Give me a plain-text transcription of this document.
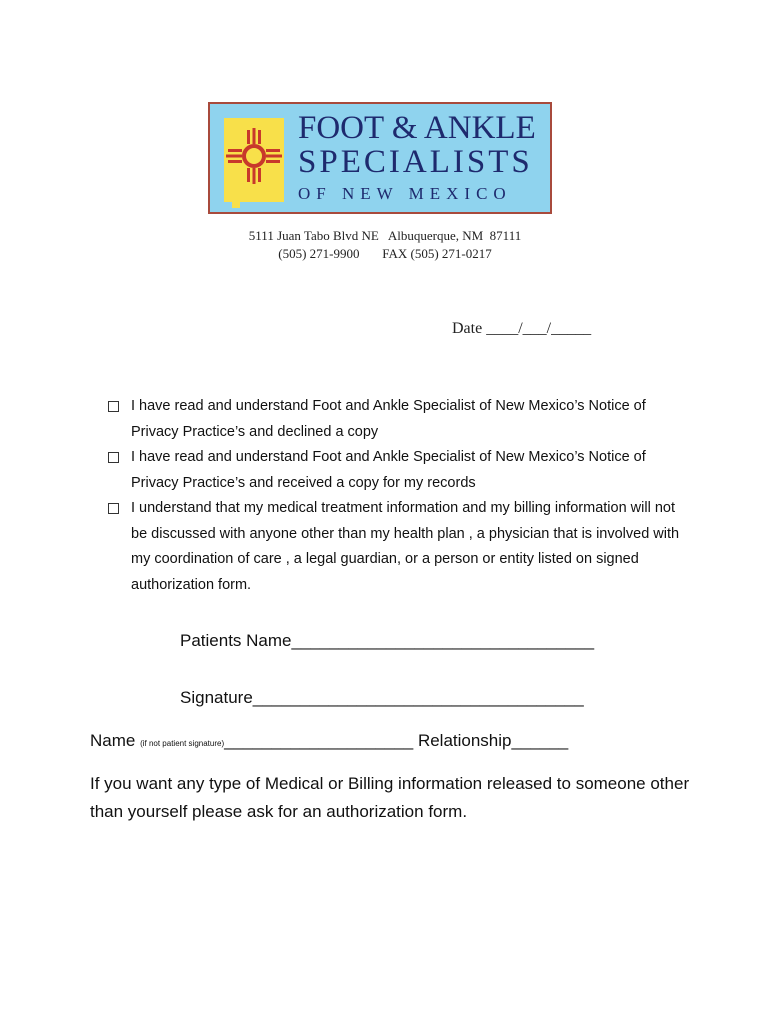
FOOT & ANKLE
SPECIALISTS
OF NEW MEXICO
5111 Juan Tabo Blvd NE   Albuquerque, NM  87111
(505) 271-9900       FAX (505) 271-0217
Date ____/___/_____
I have read and understand Foot and Ankle Specialist of New Mexico’s Notice of Privacy Practice’s and declined a copy
I have read and understand Foot and Ankle Specialist of New Mexico’s Notice of Privacy Practice’s and received a copy for my records
I understand that my medical treatment information and my billing information will not be discussed with anyone other than my health plan , a physician that is involved with my coordination of care , a legal guardian, or a person or entity listed on signed authorization form.
Patients Name________________________________
Signature___________________________________
Name (if not patient signature)____________________ Relationship______
If you want any type of Medical or Billing information released to someone other than yourself please ask for an authorization form.
